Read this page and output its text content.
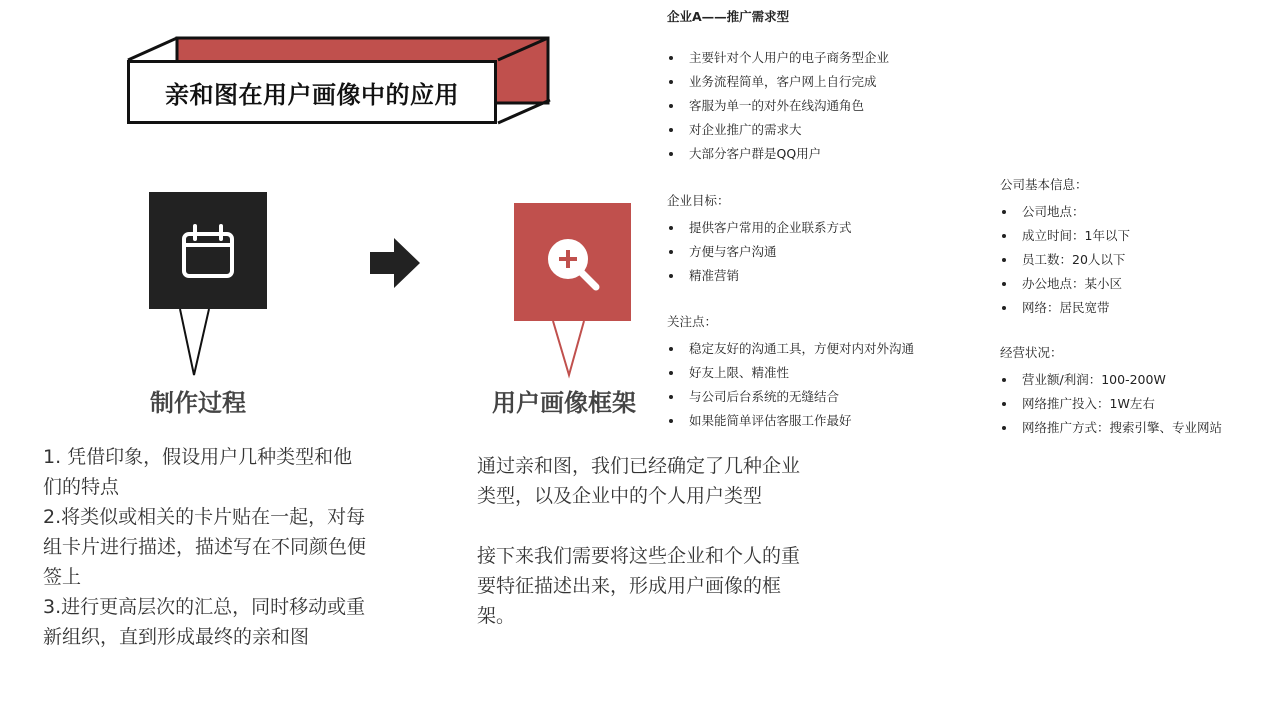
亲和图在用户画像中的应用
制作过程	用户画像框架
1. 凭借印象，假设用户几种类型和他
们的特点
2.将类似或相关的卡片贴在一起，对每
组卡片进行描述，描述写在不同颜色便
签上
3.进行更高层次的汇总，同时移动或重
新组织，直到形成最终的亲和图

通过亲和图，我们已经确定了几种企业类型，以及企业中的个人用户类型

接下来我们需要将这些企业和个人的重要特征描述出来，形成用户画像的框架。

企业A——推广需求型
主要针对个人用户的电子商务型企业
业务流程简单，客户网上自行完成
客服为单一的对外在线沟通角色
对企业推广的需求大
大部分客户群是QQ用户
企业目标：
提供客户常用的企业联系方式
方便与客户沟通
精准营销
关注点：
稳定友好的沟通工具，方便对内对外沟通
好友上限、精准性
与公司后台系统的无缝结合
如果能简单评估客服工作最好
公司基本信息：
公司地点：
成立时间：1年以下
员工数：20人以下
办公地点：某小区
网络：居民宽带
经营状况：
营业额/利润：100-200W
网络推广投入：1W左右
网络推广方式：搜索引擎、专业网站
